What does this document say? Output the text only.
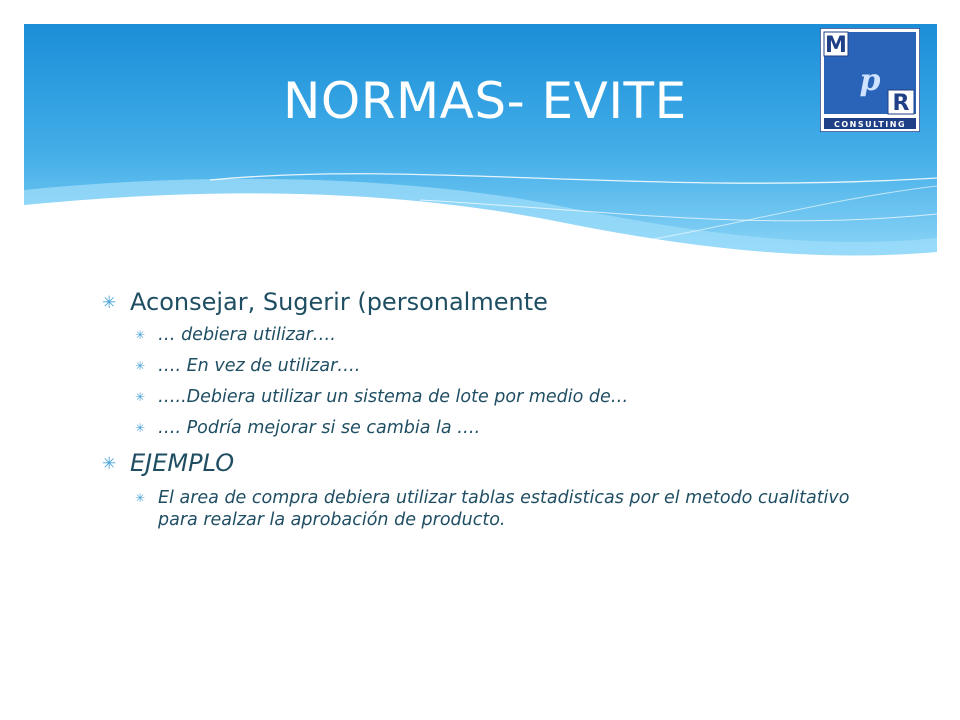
NORMAS- EVITE
M
p
R
CONSULTING
✳ Aconsejar, Sugerir (personalmente
✳ … debiera utilizar….
✳ …. En vez de utilizar….
✳ …..Debiera utilizar un sistema de lote por medio de…
✳ …. Podría mejorar si se cambia la ….
✳ EJEMPLO
✳ El area de compra debiera utilizar tablas estadisticas por el metodo cualitativo para realzar la aprobación de producto.
